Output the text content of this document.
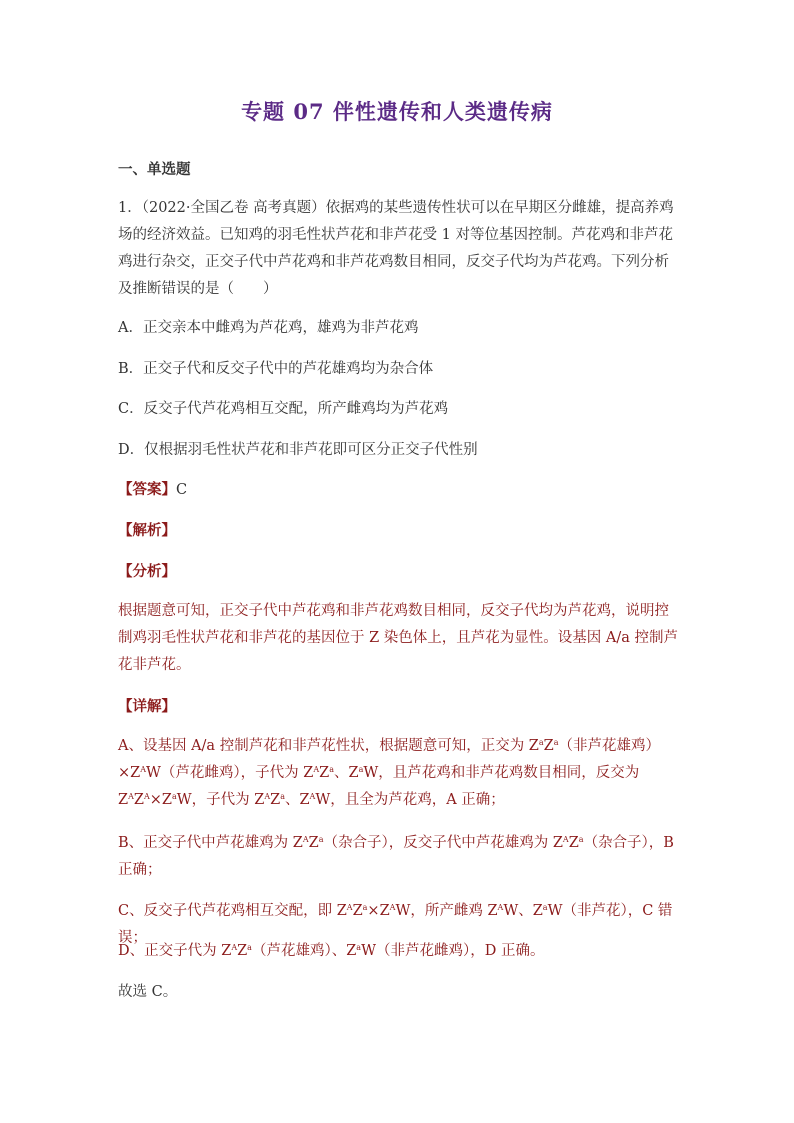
专题 07 伴性遗传和人类遗传病
一、单选题
1．（2022·全国乙卷 高考真题）依据鸡的某些遗传性状可以在早期区分雌雄，提高养鸡场的经济效益。已知鸡的羽毛性状芦花和非芦花受 1 对等位基因控制。芦花鸡和非芦花鸡进行杂交，正交子代中芦花鸡和非芦花鸡数目相同，反交子代均为芦花鸡。下列分析及推断错误的是（　　）
A．正交亲本中雌鸡为芦花鸡，雄鸡为非芦花鸡
B．正交子代和反交子代中的芦花雄鸡均为杂合体
C．反交子代芦花鸡相互交配，所产雌鸡均为芦花鸡
D．仅根据羽毛性状芦花和非芦花即可区分正交子代性别
【答案】C
【解析】
【分析】
根据题意可知，正交子代中芦花鸡和非芦花鸡数目相同，反交子代均为芦花鸡，说明控制鸡羽毛性状芦花和非芦花的基因位于 Z 染色体上，且芦花为显性。设基因 A/a 控制芦花非芦花。
【详解】
A、设基因 A/a 控制芦花和非芦花性状，根据题意可知，正交为 $Z^aZ^a$（非芦花雄鸡）$\times Z^AW$（芦花雌鸡），子代为 $Z^AZ^a$、$Z^aW$，且芦花鸡和非芦花鸡数目相同，反交为 $Z^AZ^A\times Z^aW$，子代为 $Z^AZ^a$、$Z^AW$，且全为芦花鸡，A 正确；
B、正交子代中芦花雄鸡为 $Z^AZ^a$（杂合子），反交子代中芦花雄鸡为 $Z^AZ^a$（杂合子），B 正确；
C、反交子代芦花鸡相互交配，即 $Z^AZ^a\times Z^AW$，所产雌鸡 $Z^AW$、$Z^aW$（非芦花），C 错误；
D、正交子代为 $Z^AZ^a$（芦花雄鸡）、$Z^aW$（非芦花雌鸡），D 正确。
故选 C。
